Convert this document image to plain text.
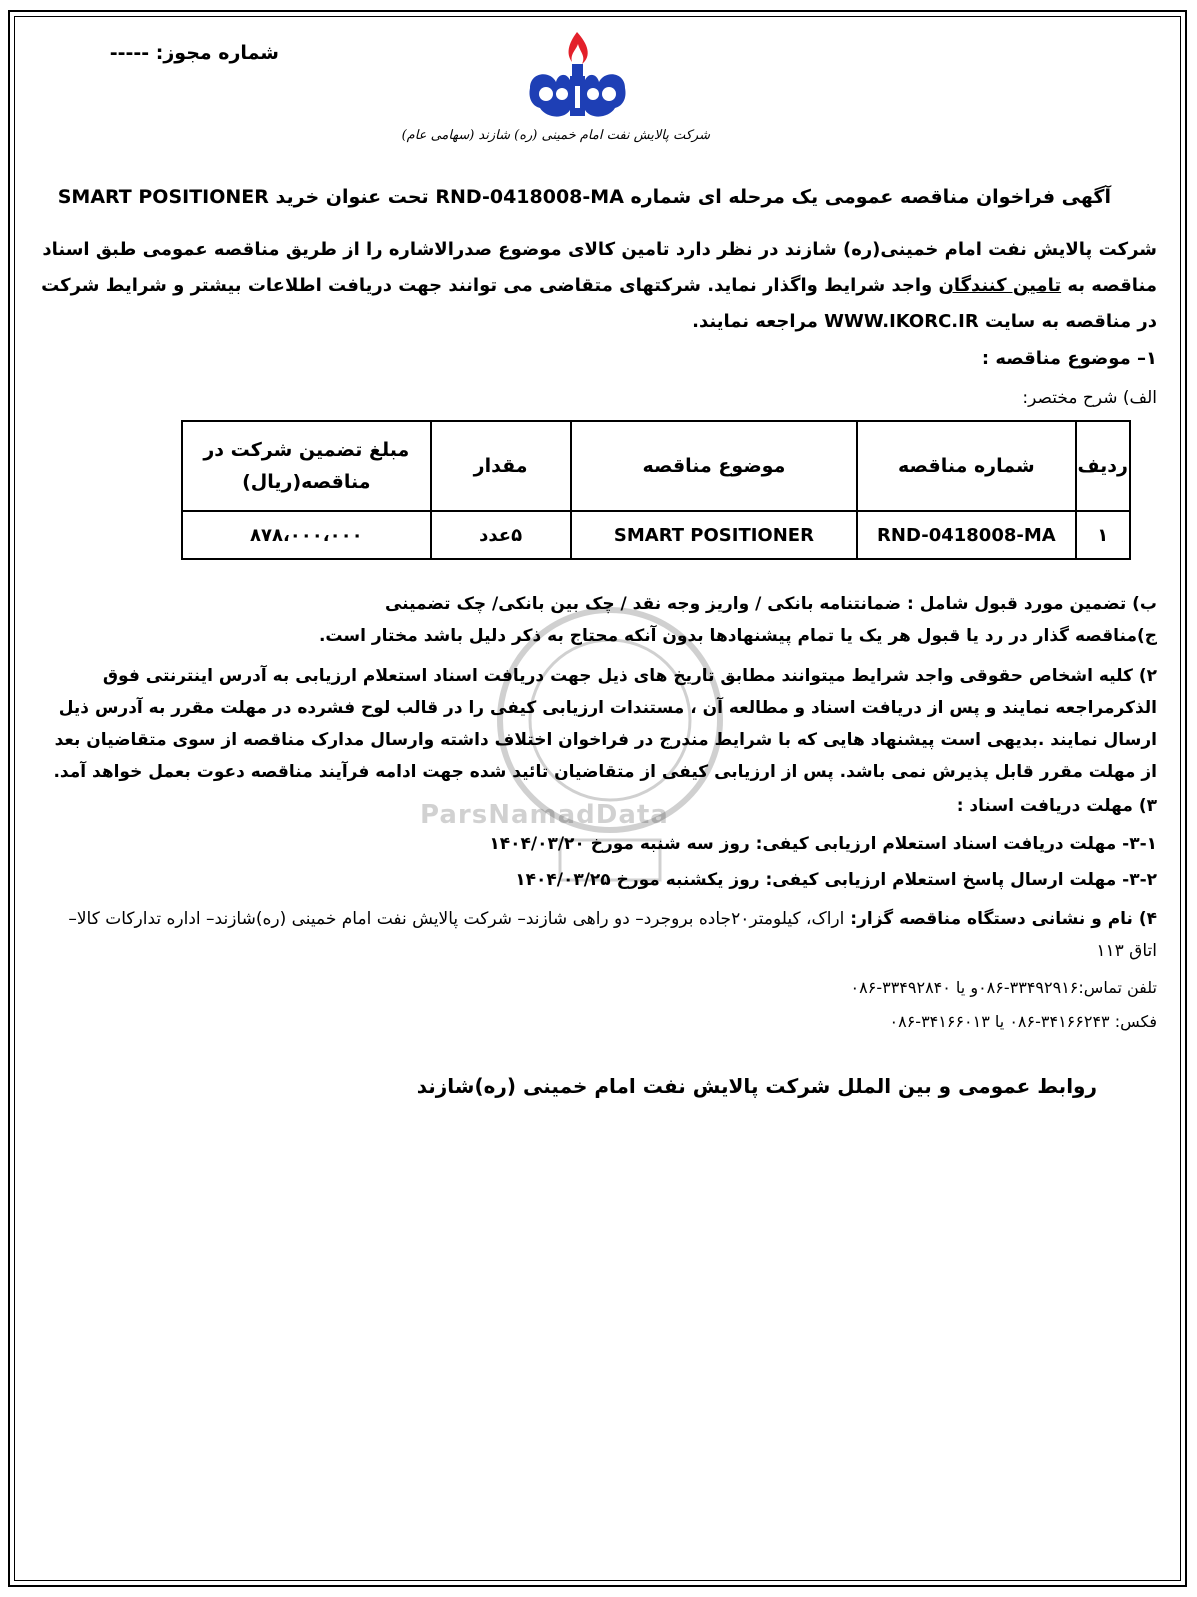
شماره مجوز: -----
شرکت پالایش نفت امام خمینی (ره) شازند (سهامی عام)
آگهی فراخوان مناقصه عمومی یک مرحله ای شماره RND-0418008-MA تحت عنوان خرید SMART POSITIONER
شرکت پالایش نفت امام خمینی(ره) شازند در نظر دارد تامین کالای موضوع صدرالاشاره را از طریق مناقصه عمومی طبق اسناد مناقصه به تامین کنندگان واجد شرایط واگذار نماید. شرکتهای متقاضی می توانند جهت دریافت اطلاعات بیشتر و شرایط شرکت در مناقصه به سایت WWW.IKORC.IR مراجعه نمایند.
۱– موضوع مناقصه :
الف) شرح مختصر:
ردیف	شماره مناقصه	موضوع مناقصه	مقدار	مبلغ تضمین شرکت در مناقصه(ریال)
۱	RND-0418008-MA	SMART POSITIONER	۵عدد	۸۷۸،۰۰۰،۰۰۰
ParsNamadData
ب) تضمین مورد قبول شامل : ضمانتنامه بانکی / واریز وجه نقد / چک بین بانکی/ چک تضمینی
ج)مناقصه گذار در رد یا قبول هر یک یا تمام پیشنهادها بدون آنکه محتاج به ذکر دلیل باشد مختار است.
۲) کلیه اشخاص حقوقی واجد شرایط میتوانند مطابق تاریخ های ذیل جهت دریافت اسناد استعلام ارزیابی به آدرس اینترنتی فوق الذکرمراجعه نمایند و پس از دریافت اسناد و مطالعه آن ، مستندات ارزیابی کیفی را در قالب لوح فشرده در مهلت مقرر به آدرس ذیل ارسال نمایند .بدیهی است پیشنهاد هایی که با شرایط مندرج در فراخوان اختلاف داشته وارسال مدارک مناقصه از سوی متقاضیان بعد از مهلت مقرر قابل پذیرش نمی باشد. پس از ارزیابی کیفی از متقاضیان تائید شده جهت ادامه فرآیند مناقصه دعوت بعمل خواهد آمد.
۳) مهلت دریافت اسناد :
۳-۱- مهلت دریافت اسناد استعلام ارزیابی کیفی: روز سه شنبه مورخ ۱۴۰۴/۰۳/۲۰
۳-۲- مهلت ارسال پاسخ استعلام ارزیابی کیفی: روز یکشنبه مورخ ۱۴۰۴/۰۳/۲۵
۴) نام و نشانی دستگاه مناقصه گزار: اراک، کیلومتر۲۰جاده بروجرد– دو راهی شازند– شرکت پالایش نفت امام خمینی (ره)شازند– اداره تدارکات کالا– اتاق ۱۱۳
تلفن تماس:۳۳۴۹۲۹۱۶-۰۸۶و یا ۳۳۴۹۲۸۴۰-۰۸۶
فکس: ۳۴۱۶۶۲۴۳-۰۸۶ یا ۳۴۱۶۶۰۱۳-۰۸۶
روابط عمومی و بین الملل شرکت پالایش نفت امام خمینی (ره)شازند
